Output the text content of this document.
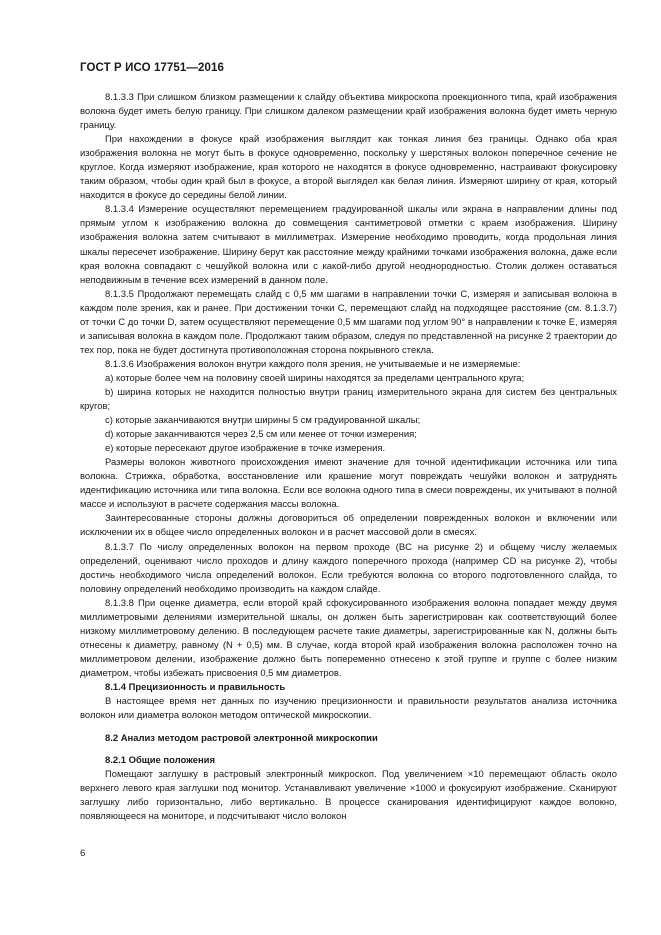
ГОСТ Р ИСО 17751—2016

8.1.3.3 При слишком близком размещении к слайду объектива микроскопа проекционного типа, край изображения волокна будет иметь белую границу. При слишком далеком размещении край изображения волокна будет иметь черную границу.

При нахождении в фокусе край изображения выглядит как тонкая линия без границы. Однако оба края изображения волокна не могут быть в фокусе одновременно, поскольку у шерстяных волокон поперечное сечение не круглое. Когда измеряют изображение, края которого не находятся в фокусе одновременно, настраивают фокусировку таким образом, чтобы один край был в фокусе, а второй выглядел как белая линия. Измеряют ширину от края, который находится в фокусе до середины белой линии.

8.1.3.4 Измерение осуществляют перемещением градуированной шкалы или экрана в направлении длины под прямым углом к изображению волокна до совмещения сантиметровой отметки с краем изображения. Ширину изображения волокна затем считывают в миллиметрах. Измерение необходимо проводить, когда продольная линия шкалы пересечет изображение. Ширину берут как расстояние между крайними точками изображения волокна, даже если края волокна совпадают с чешуйкой волокна или с какой-либо другой неоднородностью. Столик должен оставаться неподвижным в течение всех измерений в данном поле.

8.1.3.5 Продолжают перемещать слайд с 0,5 мм шагами в направлении точки C, измеряя и записывая волокна в каждом поле зрения, как и ранее. При достижении точки C, перемещают слайд на подходящее расстояние (см. 8.1.3.7) от точки C до точки D, затем осуществляют перемещение 0,5 мм шагами под углом 90° в направлении к точке E, измеряя и записывая волокна в каждом поле. Продолжают таким образом, следуя по представленной на рисунке 2 траектории до тех пор, пока не будет достигнута противоположная сторона покрывного стекла.

8.1.3.6 Изображения волокон внутри каждого поля зрения, не учитываемые и не измеряемые:

a) которые более чем на половину своей ширины находятся за пределами центрального круга;

b) ширина которых не находится полностью внутри границ измерительного экрана для систем без центральных кругов;

c) которые заканчиваются внутри ширины 5 см градуированной шкалы;

d) которые заканчиваются через 2,5 см или менее от точки измерения;

e) которые пересекают другое изображение в точке измерения.

Размеры волокон животного происхождения имеют значение для точной идентификации источника или типа волокна. Стрижка, обработка, восстановление или крашение могут повреждать чешуйки волокон и затруднять идентификацию источника или типа волокна. Если все волокна одного типа в смеси повреждены, их учитывают в полной массе и используют в расчете содержания массы волокна.

Заинтересованные стороны должны договориться об определении поврежденных волокон и включении или исключении их в общее число определенных волокон и в расчет массовой доли в смесях.

8.1.3.7 По числу определенных волокон на первом проходе (BC на рисунке 2) и общему числу желаемых определений, оценивают число проходов и длину каждого поперечного прохода (например CD на рисунке 2), чтобы достичь необходимого числа определений волокон. Если требуются волокна со второго подготовленного слайда, то половину определений необходимо производить на каждом слайде.

8.1.3.8 При оценке диаметра, если второй край сфокусированного изображения волокна попадает между двумя миллиметровыми делениями измерительной шкалы, он должен быть зарегистрирован как соответствующий более низкому миллиметровому делению. В последующем расчете такие диаметры, зарегистрированные как N, должны быть отнесены к диаметру, равному (N + 0,5) мм. В случае, когда второй край изображения волокна расположен точно на миллиметровом делении, изображение должно быть попеременно отнесено к этой группе и группе с более низким диаметром, чтобы избежать присвоения 0,5 мм диаметров.

8.1.4 Прецизионность и правильность

В настоящее время нет данных по изучению прецизионности и правильности результатов анализа источника волокон или диаметра волокон методом оптической микроскопии.

8.2 Анализ методом растровой электронной микроскопии

8.2.1 Общие положения

Помещают заглушку в растровый электронный микроскоп. Под увеличением ×10 перемещают область около верхнего левого края заглушки под монитор. Устанавливают увеличение ×1000 и фокусируют изображение. Сканируют заглушку либо горизонтально, либо вертикально. В процессе сканирования идентифицируют каждое волокно, появляющееся на мониторе, и подсчитывают число волокон

6
